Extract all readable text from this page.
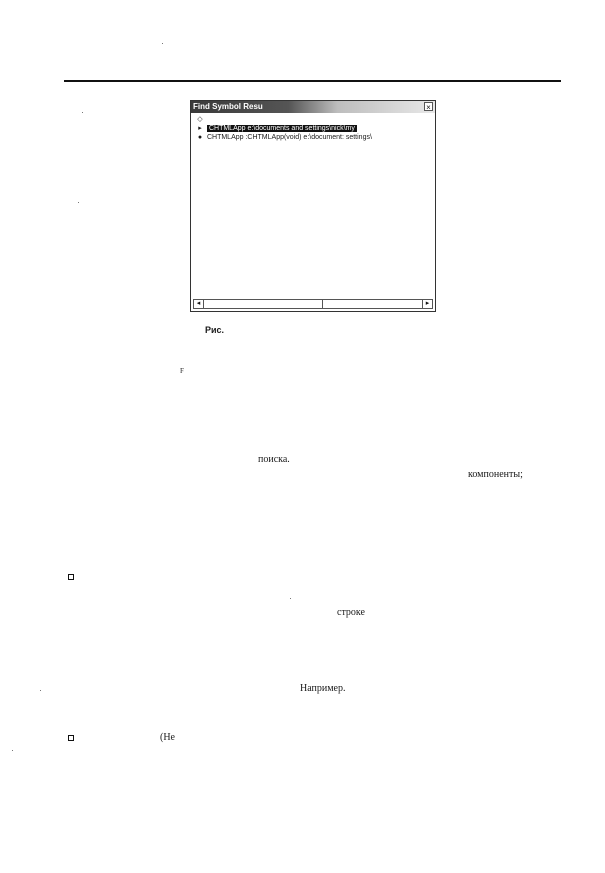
Find Symbol Resu	×
◇
▸ CHTMLApp e:\documents and settings\nick\my
● CHTMLApp :CHTMLApp(void) e:\document: settings\
◂	▸
Рис.
F
поиска.
компоненты;
строке
Например.
(Не
